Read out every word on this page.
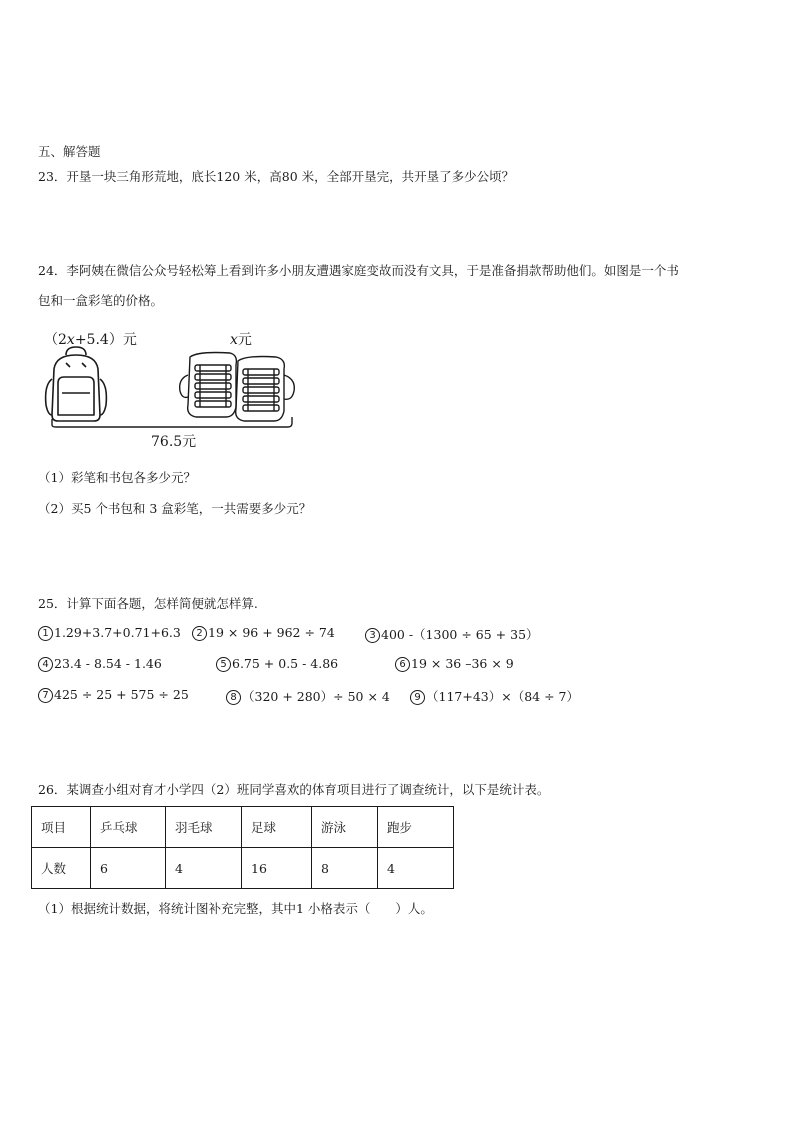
五、解答题
23．开垦一块三角形荒地，底长120 米，高80 米，全部开垦完，共开垦了多少公顷？
24．李阿姨在微信公众号轻松筹上看到许多小朋友遭遇家庭变故而没有文具，于是准备捐款帮助他们。如图是一个书
包和一盒彩笔的价格。
（2x+5.4）元	x元
76.5元
（1）彩笔和书包各多少元？
（2）买5 个书包和 3 盒彩笔，一共需要多少元？
25．计算下面各题，怎样简便就怎样算.
1 1.29+3.7+0.71+6.3	2 19 × 96 + 962 ÷ 74	3 400 -（1300 ÷ 65 + 35）
4 23.4 - 8.54 - 1.46	5 6.75 + 0.5 - 4.86	6 19 × 36 –36 × 9
7 425 ÷ 25 + 575 ÷ 25	8 （320 + 280）÷ 50 × 4	9 （117+43）×（84 ÷ 7）
26．某调查小组对育才小学四（2）班同学喜欢的体育项目进行了调查统计，以下是统计表。
项目	乒乓球	羽毛球	足球	游泳	跑步
人数	6	4	16	8	4
（1）根据统计数据，将统计图补充完整，其中1 小格表示（　　）人。
